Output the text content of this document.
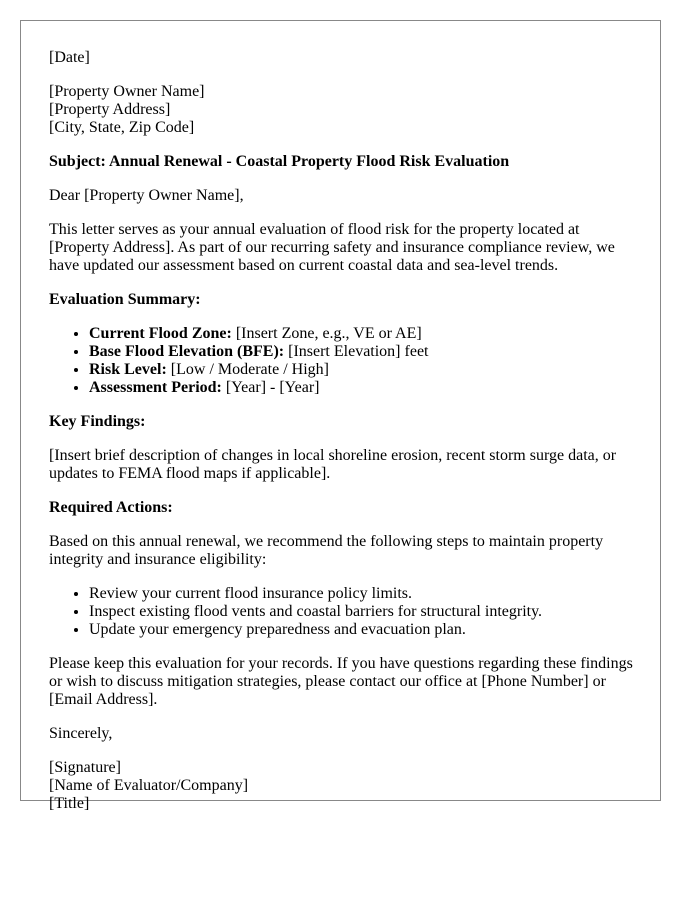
[Date]

[Property Owner Name]
[Property Address]
[City, State, Zip Code]

Subject: Annual Renewal - Coastal Property Flood Risk Evaluation

Dear [Property Owner Name],

This letter serves as your annual evaluation of flood risk for the property located at [Property Address]. As part of our recurring safety and insurance compliance review, we have updated our assessment based on current coastal data and sea-level trends.

Evaluation Summary:

• Current Flood Zone: [Insert Zone, e.g., VE or AE]
• Base Flood Elevation (BFE): [Insert Elevation] feet
• Risk Level: [Low / Moderate / High]
• Assessment Period: [Year] - [Year]

Key Findings:

[Insert brief description of changes in local shoreline erosion, recent storm surge data, or updates to FEMA flood maps if applicable].

Required Actions:

Based on this annual renewal, we recommend the following steps to maintain property integrity and insurance eligibility:

• Review your current flood insurance policy limits.
• Inspect existing flood vents and coastal barriers for structural integrity.
• Update your emergency preparedness and evacuation plan.

Please keep this evaluation for your records. If you have questions regarding these findings or wish to discuss mitigation strategies, please contact our office at [Phone Number] or [Email Address].

Sincerely,

[Signature]
[Name of Evaluator/Company]
[Title]
